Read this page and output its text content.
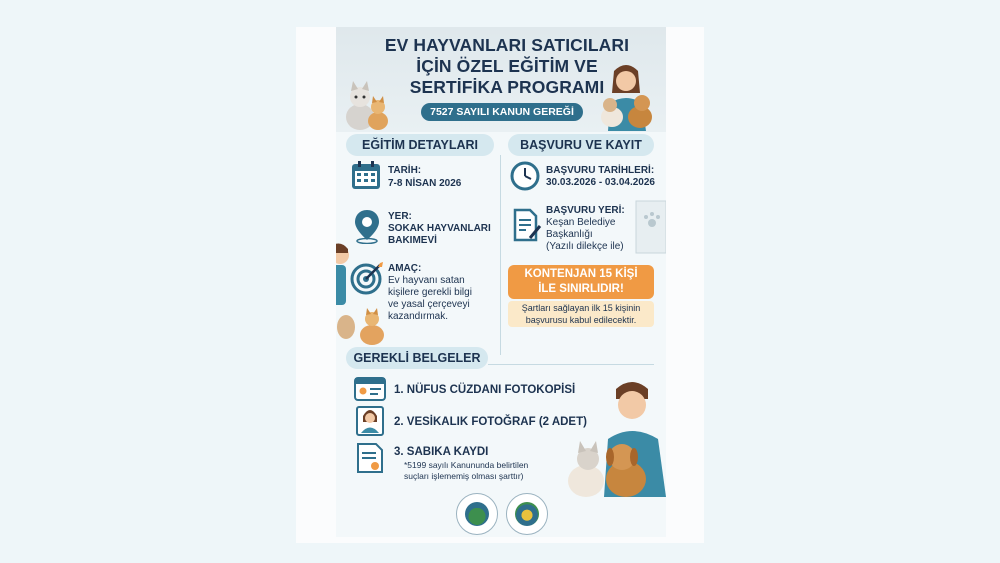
EV HAYVANLARI SATICILARI
İÇİN ÖZEL EĞİTİM VE
SERTİFİKA PROGRAMI
7527 SAYILI KANUN GEREĞİ
EĞİTİM DETAYLARI	BAŞVURU VE KAYIT
TARİH:
7-8 NİSAN 2026
YER:
SOKAK HAYVANLARI
BAKIMEVİ
AMAÇ:
Ev hayvanı satan
kişilere gerekli bilgi
ve yasal çerçeveyi
kazandırmak.
BAŞVURU TARİHLERİ:
30.03.2026 - 03.04.2026
BAŞVURU YERİ:
Keşan Belediye
Başkanlığı
(Yazılı dilekçe ile)
KONTENJAN 15 KİŞİ
İLE SINIRLIDIR!
Şartları sağlayan ilk 15 kişinin
başvurusu kabul edilecektir.
GEREKLİ BELGELER
1. NÜFUS CÜZDANI FOTOKOPİSİ
2. VESİKALIK FOTOĞRAF (2 ADET)
3. SABIKA KAYDI
*5199 sayılı Kanununda belirtilen
suçları işlememiş olması şarttır)
